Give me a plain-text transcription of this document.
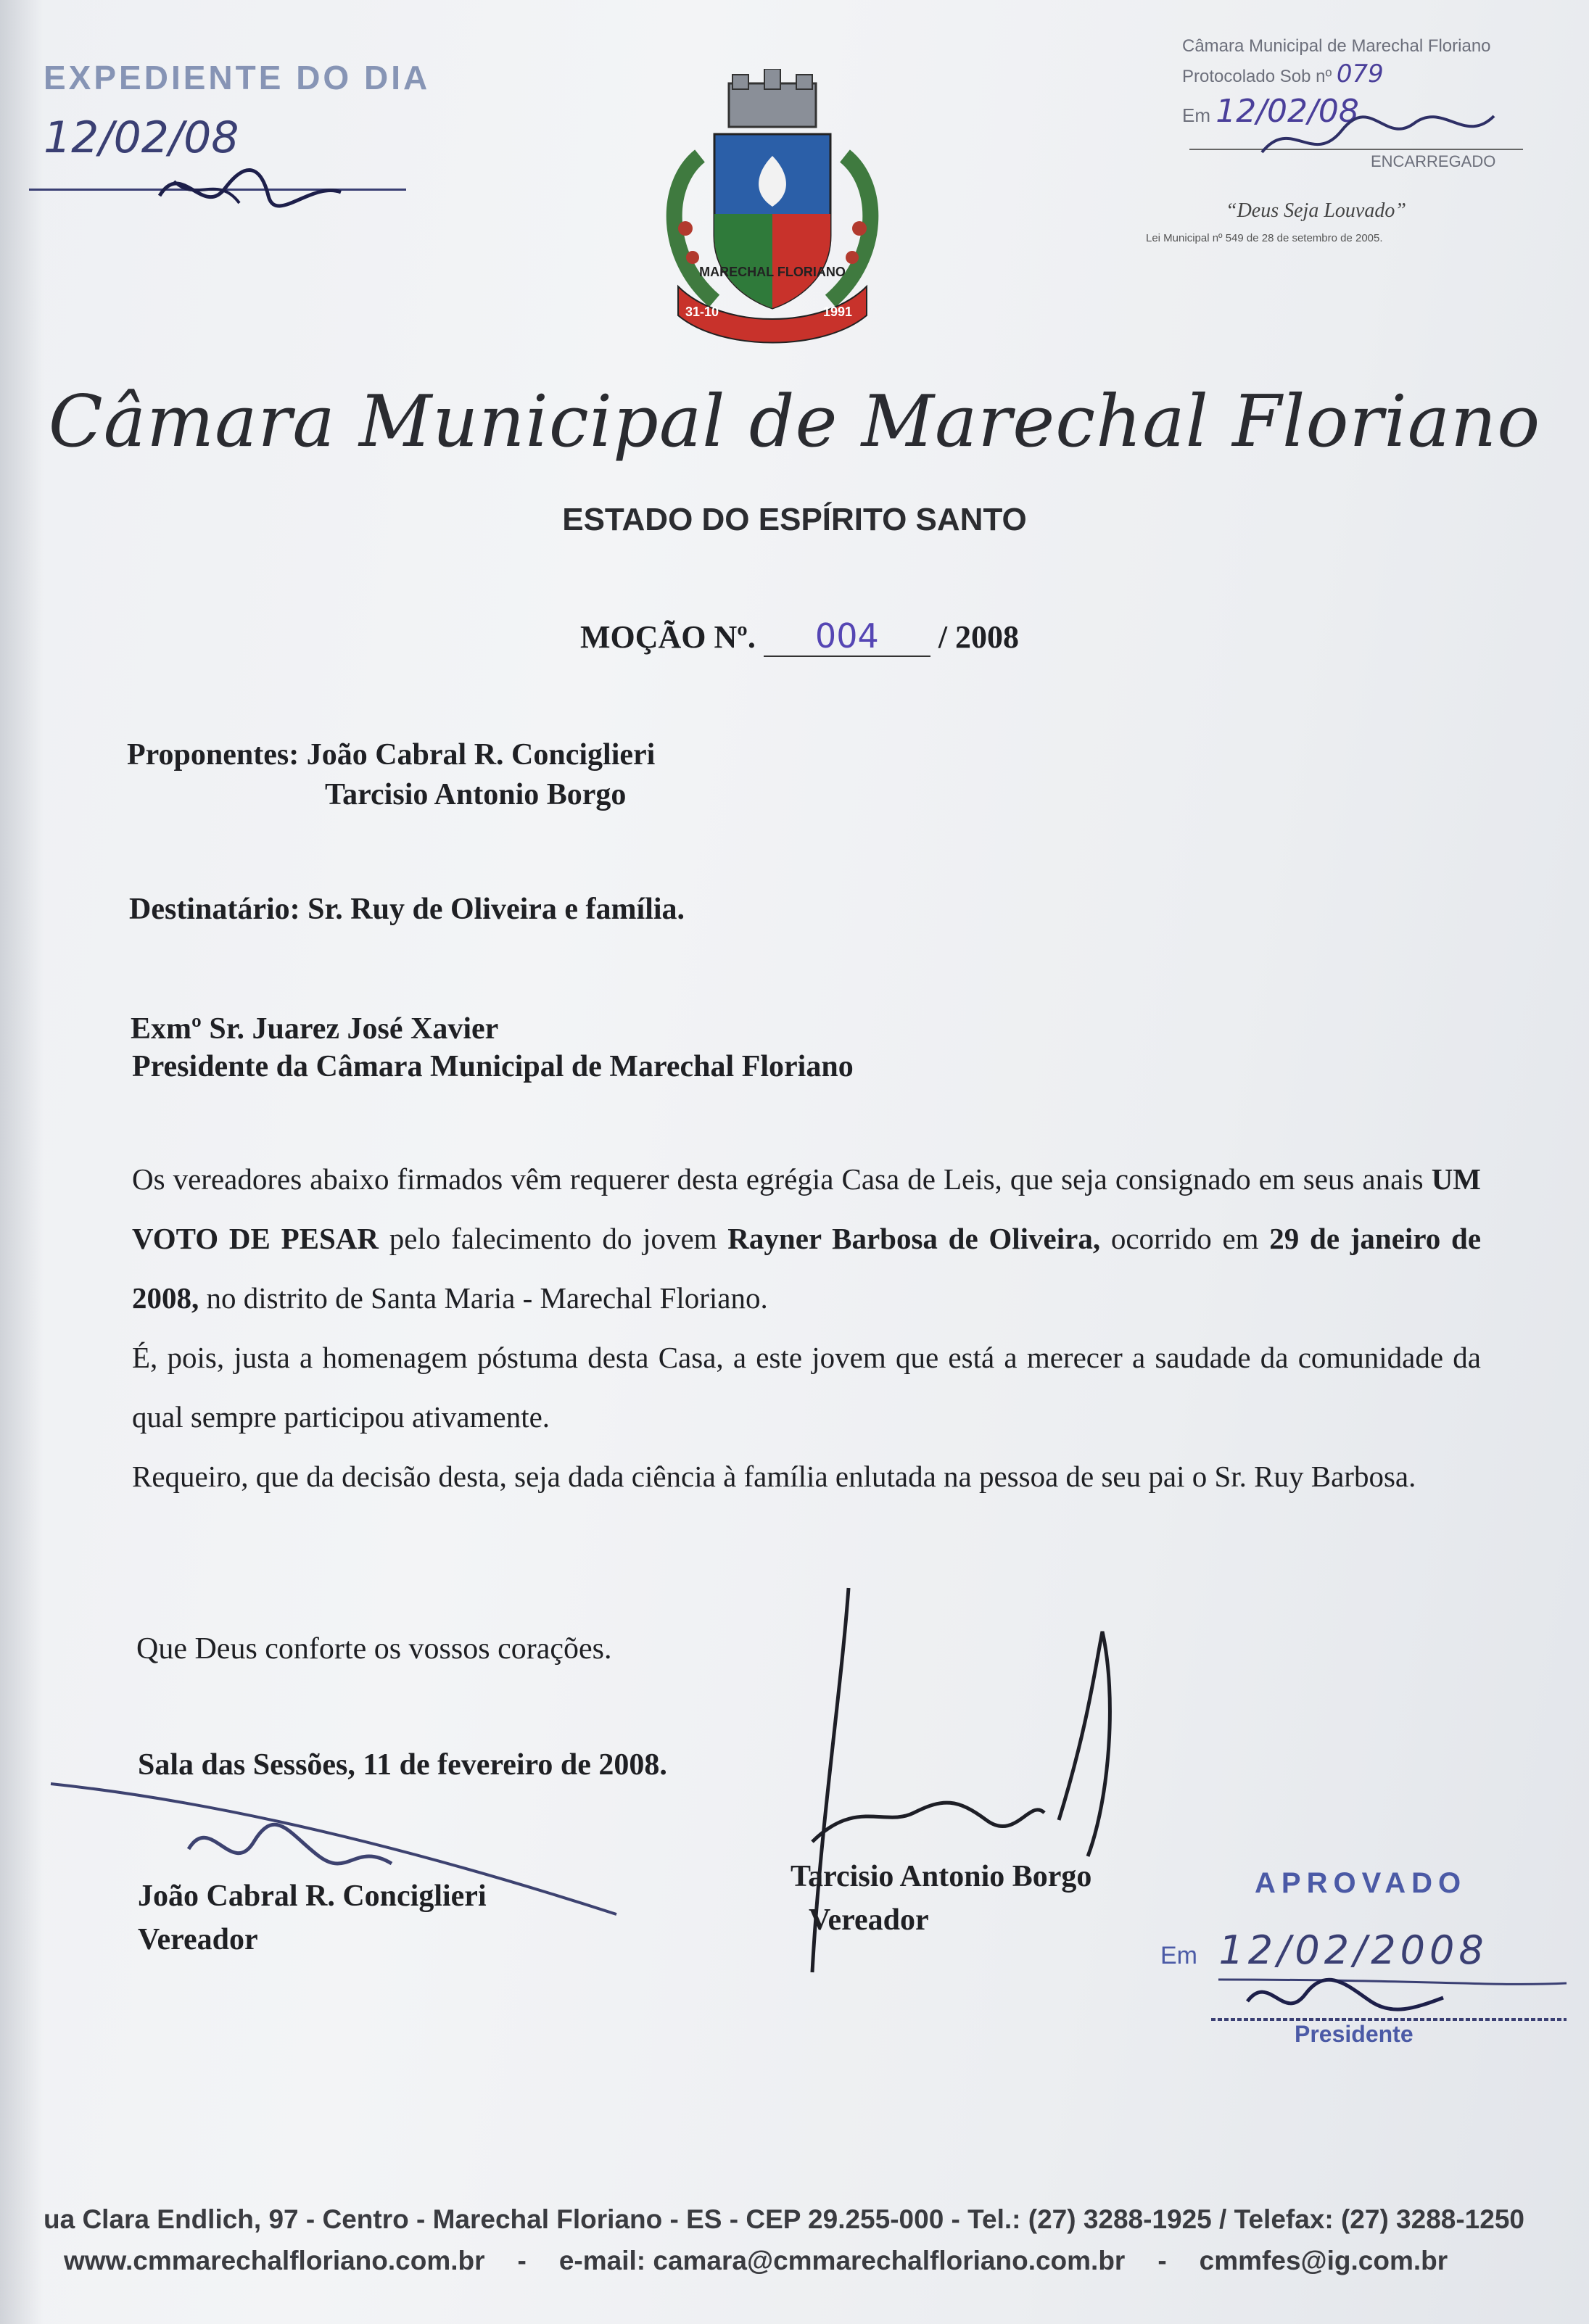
EXPEDIENTE DO DIA
12/02/08
Câmara Municipal de Marechal Floriano
Protocolado Sob nº 079
Em 12/02/08
ENCARREGADO
“Deus Seja Louvado”
Lei Municipal nº 549 de 28 de setembro de 2005.
MARECHAL FLORIANO
31-10	1991
Câmara Municipal de Marechal Floriano
ESTADO DO ESPÍRITO SANTO
MOÇÃO Nº. 004 / 2008
Proponentes: João Cabral R. Conciglieri
Tarcisio Antonio Borgo
Destinatário: Sr. Ruy de Oliveira e família.
Exmº Sr. Juarez José Xavier
Presidente da Câmara Municipal de Marechal Floriano

Os vereadores abaixo firmados vêm requerer desta egrégia Casa de Leis, que seja consignado em seus anais UM VOTO DE PESAR pelo falecimento do jovem Rayner Barbosa de Oliveira, ocorrido em 29 de janeiro de 2008, no distrito de Santa Maria - Marechal Floriano.

É, pois, justa a homenagem póstuma desta Casa, a este jovem que está a merecer a saudade da comunidade da qual sempre participou ativamente.

Requeiro, que da decisão desta, seja dada ciência à família enlutada na pessoa de seu pai o Sr. Ruy Barbosa.

Que Deus conforte os vossos corações.
Sala das Sessões, 11 de fevereiro de 2008.
João Cabral R. Conciglieri
Vereador
Tarcisio Antonio Borgo
Vereador
APROVADO
Em 12/02/2008
Presidente
ua Clara Endlich, 97 - Centro - Marechal Floriano - ES - CEP 29.255-000 - Tel.: (27) 3288-1925 / Telefax: (27) 3288-1250
www.cmmarechalfloriano.com.br - e-mail: camara@cmmarechalfloriano.com.br - cmmfes@ig.com.br
